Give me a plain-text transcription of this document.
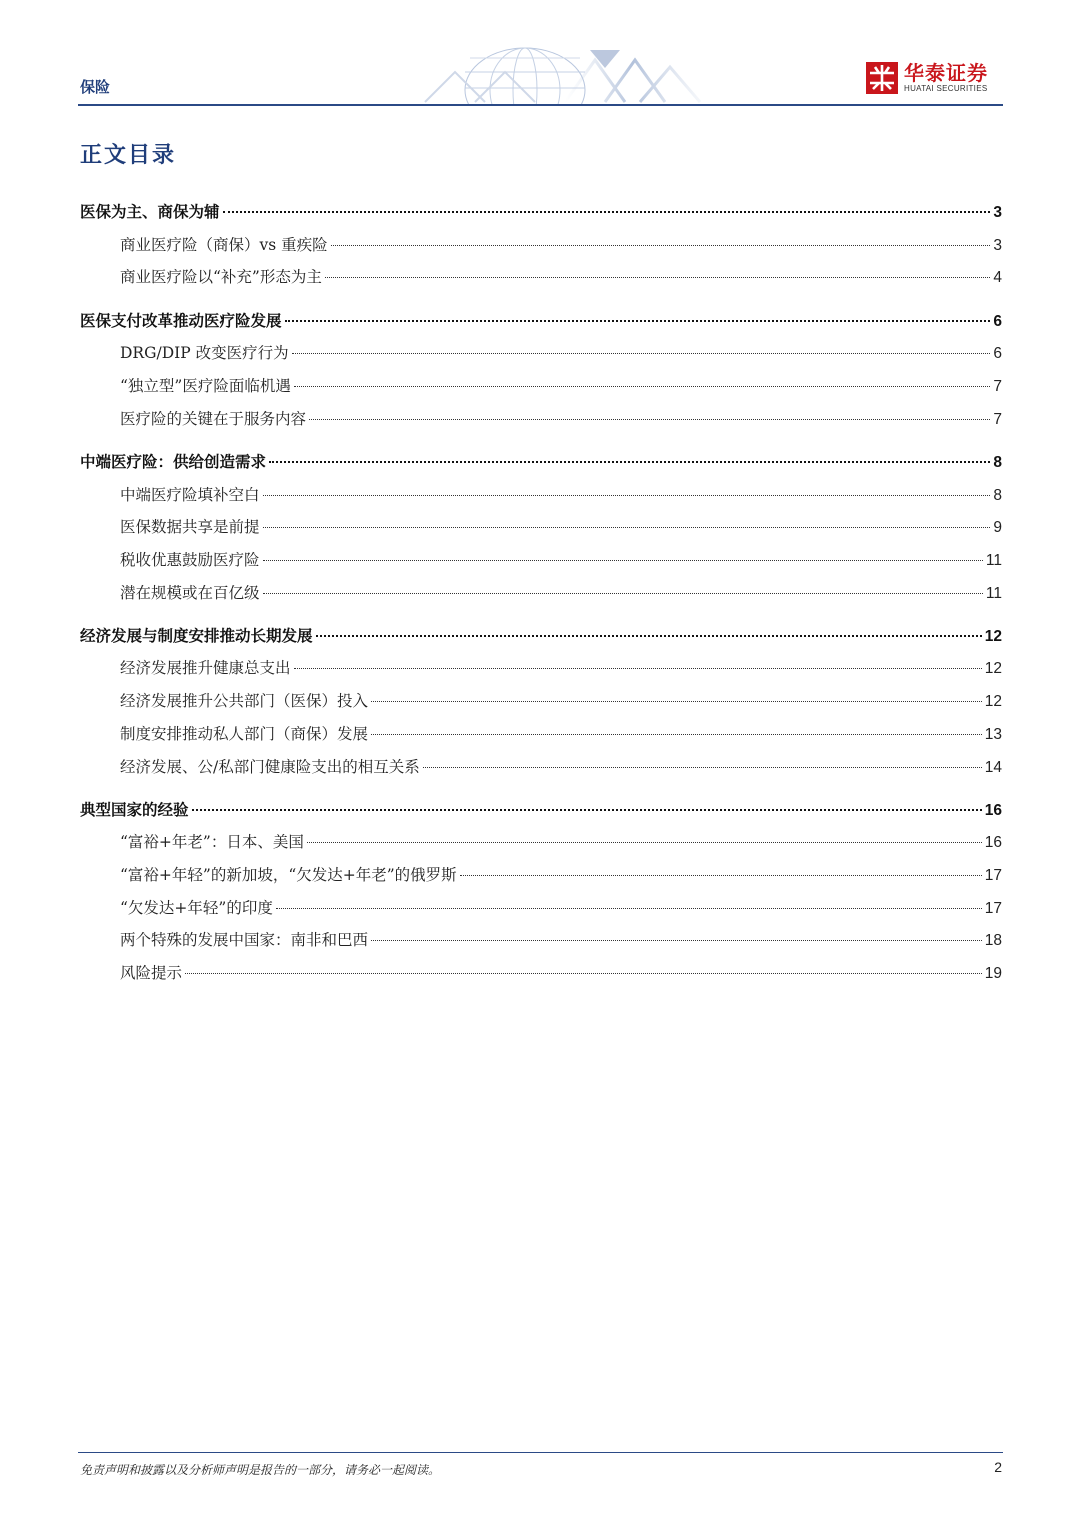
保险
华泰证券
HUATAI SECURITIES
正文目录
医保为主、商保为辅	3
商业医疗险（商保）vs 重疾险	3
商业医疗险以“补充”形态为主	4
医保支付改革推动医疗险发展	6
DRG/DIP 改变医疗行为	6
“独立型”医疗险面临机遇	7
医疗险的关键在于服务内容	7
中端医疗险：供给创造需求	8
中端医疗险填补空白	8
医保数据共享是前提	9
税收优惠鼓励医疗险	11
潜在规模或在百亿级	11
经济发展与制度安排推动长期发展	12
经济发展推升健康总支出	12
经济发展推升公共部门（医保）投入	12
制度安排推动私人部门（商保）发展	13
经济发展、公/私部门健康险支出的相互关系	14
典型国家的经验	16
“富裕+年老”：日本、美国	16
“富裕+年轻”的新加坡，“欠发达+年老”的俄罗斯	17
“欠发达+年轻”的印度	17
两个特殊的发展中国家：南非和巴西	18
风险提示	19
免责声明和披露以及分析师声明是报告的一部分，请务必一起阅读。	2
